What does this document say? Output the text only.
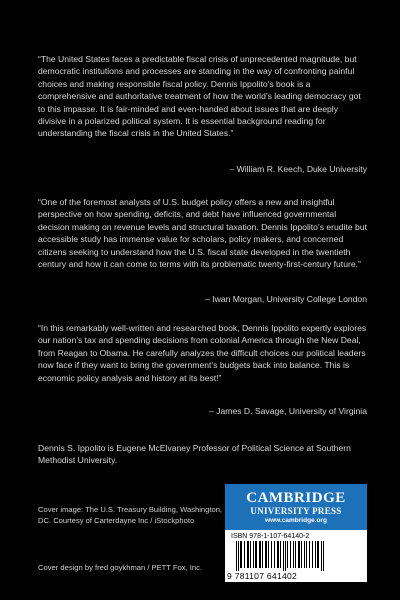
“The United States faces a predictable fiscal crisis of unprecedented magnitude, but democratic institutions and processes are standing in the way of confronting painful choices and making responsible fiscal policy. Dennis Ippolito’s book is a comprehensive and authoritative treatment of how the world’s leading democracy got to this impasse. It is fair-minded and even-handed about issues that are deeply divisive in a polarized political system. It is essential background reading for understanding the fiscal crisis in the United States.”

– William R. Keech, Duke University

“One of the foremost analysts of U.S. budget policy offers a new and insightful perspective on how spending, deficits, and debt have influenced governmental decision making on revenue levels and structural taxation. Dennis Ippolito’s erudite but accessible study has immense value for scholars, policy makers, and concerned citizens seeking to understand how the U.S. fiscal state developed in the twentieth century and how it can come to terms with its problematic twenty-first-century future.”

– Iwan Morgan, University College London

“In this remarkably well-written and researched book, Dennis Ippolito expertly explores our nation’s tax and spending decisions from colonial America through the New Deal, from Reagan to Obama. He carefully analyzes the difficult choices our political leaders now face if they want to bring the government’s budgets back into balance. This is economic policy analysis and history at its best!”

– James D. Savage, University of Virginia

Dennis S. Ippolito is Eugene McElvaney Professor of Political Science at Southern Methodist University.

Cover image: The U.S. Treasury Building, Washington, DC. Courtesy of Carterdayne Inc / iStockphoto

Cover design by fred goykhman / PETT Fox, Inc.

CAMBRIDGE
UNIVERSITY PRESS
www.cambridge.org
ISBN 978-1-107-64140-2
9 781107 641402
